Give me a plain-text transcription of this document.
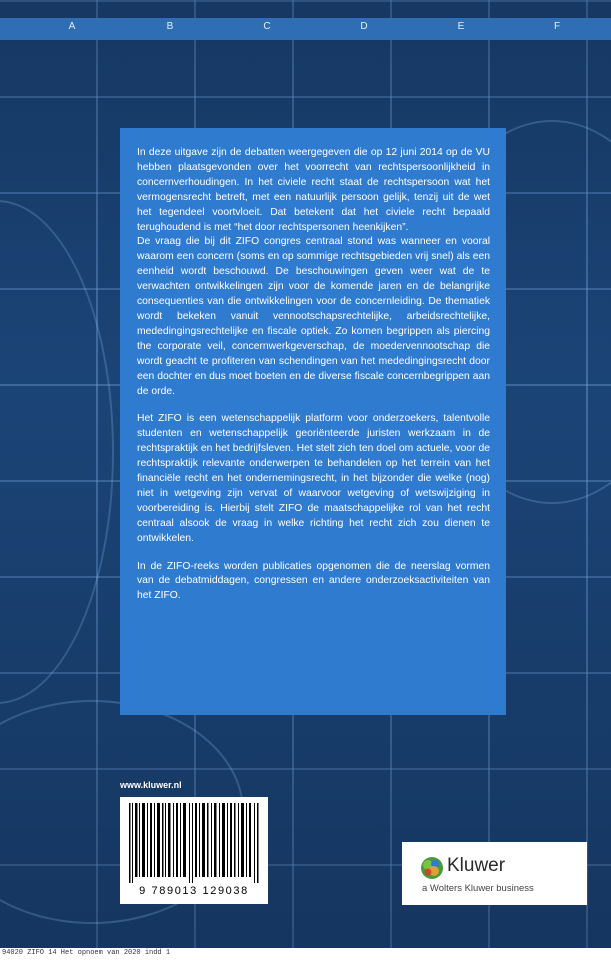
A	B	C	D	E	F

In deze uitgave zijn de debatten weergegeven die op 12 juni 2014 op de VU hebben plaatsgevonden over het voorrecht van rechtspersoonlijkheid in concernverhoudingen. In het civiele recht staat de rechtspersoon wat het vermogensrecht betreft, met een natuurlijk persoon gelijk, tenzij uit de wet het tegendeel voortvloeit. Dat betekent dat het civiele recht bepaald terughoudend is met “het door rechtspersonen heenkijken”.

De vraag die bij dit ZIFO congres centraal stond was wanneer en vooral waarom een concern (soms en op sommige rechtsgebieden vrij snel) als een eenheid wordt beschouwd. De beschouwingen geven weer wat de te verwachten ontwikkelingen zijn voor de komende jaren en de belangrijke consequenties van die ontwikkelingen voor de concernleiding. De thematiek wordt bekeken vanuit vennootschapsrechtelijke, arbeidsrechtelijke, mededingingsrechtelijke en fiscale optiek. Zo komen begrippen als piercing the corporate veil, concernwerkgeverschap, de moedervennootschap die wordt geacht te profiteren van schendingen van het mededingingsrecht door een dochter en dus moet boeten en de diverse fiscale concernbegrippen aan de orde.

Het ZIFO is een wetenschappelijk platform voor onderzoekers, talentvolle studenten en wetenschappelijk georiënteerde juristen werkzaam in de rechtspraktijk en het bedrijfsleven. Het stelt zich ten doel om actuele, voor de rechtspraktijk relevante onderwerpen te behandelen op het terrein van het financiële recht en het ondernemingsrecht, in het bijzonder die welke (nog) niet in wetgeving zijn vervat of waarvoor wetgeving of wetswijziging in voorbereiding is. Hierbij stelt ZIFO de maatschappelijke rol van het recht centraal alsook de vraag in welke richting het recht zich zou dienen te ontwikkelen.

In de ZIFO-reeks worden publicaties opgenomen die de neerslag vormen van de debatmiddagen, congressen en andere onderzoeksactiviteiten van het ZIFO.

www.kluwer.nl
9 789013 129038
Kluwer
a Wolters Kluwer business
94020 ZIFO 14 Het opnoem van 2020 indd 1
